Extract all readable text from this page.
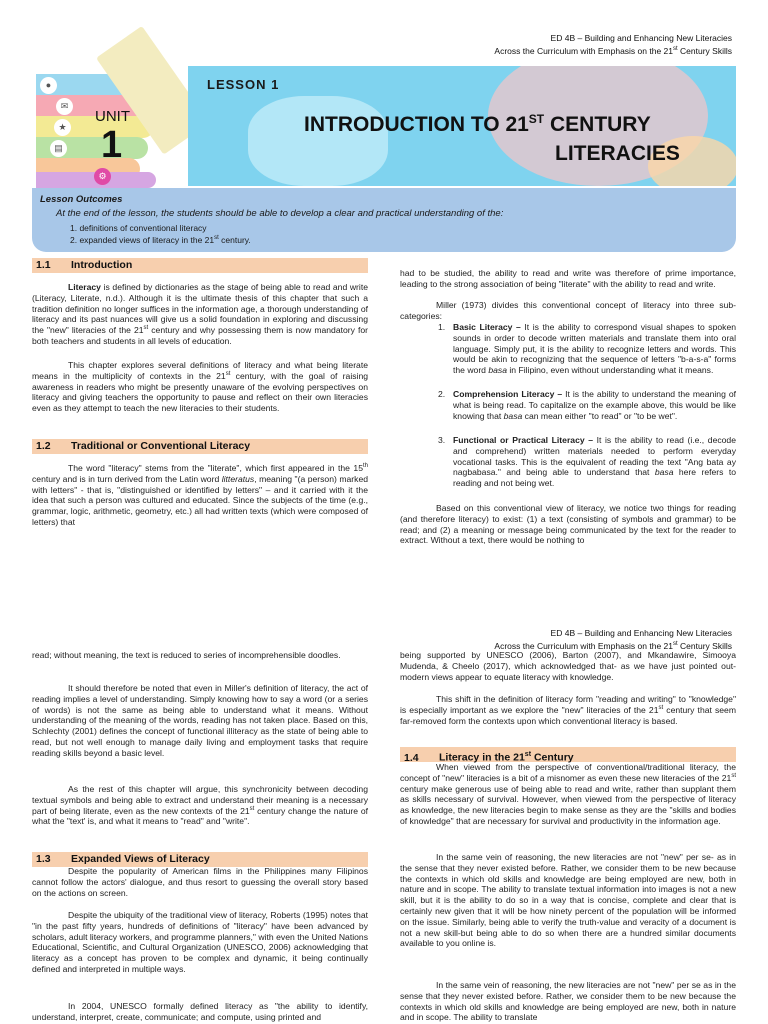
ED 4B – Building and Enhancing New Literacies
Across the Curriculum with Emphasis on the 21st Century Skills
●
✉
★
▤
⚙
UNIT
1
LESSON 1
INTRODUCTION TO 21ST CENTURY
LITERACIES
Lesson Outcomes
At the end of the lesson, the students should be able to develop a clear and practical understanding of the:
1. definitions of conventional literacy
2. expanded views of literacy in the 21st century.
1.1 Introduction
Literacy is defined by dictionaries as the stage of being able to read and write (Literacy, Literate, n.d.). Although it is the ultimate thesis of this chapter that such a tradition definition no longer suffices in the information age, a thorough understanding of literacy and its past nuances will give us a solid foundation in exploring and discussing the "new" literacies of the 21st century and why possessing them is now mandatory for both teachers and students in all levels of education.
This chapter explores several definitions of literacy and what being literate means in the multiplicity of contexts in the 21st century, with the goal of raising awareness in readers who might be presently unaware of the evolving perspectives on literacy and giving teachers the opportunity to pause and reflect on their own literacies even as they attempt to teach the new literacies to their students.
1.2 Traditional or Conventional Literacy
The word "literacy" stems from the "literate", which first appeared in the 15th century and is in turn derived from the Latin word litteratus, meaning "(a person) marked with letters" - that is, "distinguished or identified by letters" – and it carried with it the idea that such a person was cultured and educated. Since the subjects of the time (e.g., grammar, logic, arithmetic, geometry, etc.) all had written texts (which were composed of letters) that
had to be studied, the ability to read and write was therefore of prime importance, leading to the strong association of being "literate" with the ability to read and write.
Miller (1973) divides this conventional concept of literacy into three sub-categories:
1. Basic Literacy – It is the ability to correspond visual shapes to spoken sounds in order to decode written materials and translate them into oral language. Simply put, it is the ability to recognize letters and words. This would be akin to recognizing that the sequence of letters "b-a-s-a" forms the word basa in Filipino, even without understanding what it means.
2. Comprehension Literacy – It is the ability to understand the meaning of what is being read. To capitalize on the example above, this would be like knowing that basa can mean either "to read" or "to be wet".
3. Functional or Practical Literacy – It is the ability to read (i.e., decode and comprehend) written materials needed to perform everyday vocational tasks. This is the equivalent of reading the text "Ang bata ay nagbabasa." and being able to understand that basa here refers to reading and not being wet.
Based on this conventional view of literacy, we notice two things for reading (and therefore literacy) to exist: (1) a text (consisting of symbols and grammar) to be read; and (2) a meaning or message being communicated by the text for the reader to extract. Without a text, there would be nothing to
ED 4B – Building and Enhancing New Literacies
Across the Curriculum with Emphasis on the 21st Century Skills
read; without meaning, the text is reduced to series of incomprehensible doodles.
It should therefore be noted that even in Miller's definition of literacy, the act of reading implies a level of understanding. Simply knowing how to say a word (or a series of words) is not the same as being able to understand what it means. Without understanding of the meaning of the words, reading has not taken place. Based on this, Schlechty (2001) defines the concept of functional illiteracy as the state of being able to read, but not well enough to manage daily living and employment tasks that require reading skills beyond a basic level.
As the rest of this chapter will argue, this synchronicity between decoding textual symbols and being able to extract and understand their meaning is a necessary part of being literate, even as the new contexts of the 21st century change the nature of what the "text' is, and what it means to "read" and "write".
1.3 Expanded Views of Literacy
Despite the popularity of American films in the Philippines many Filipinos cannot follow the actors' dialogue, and thus resort to guessing the overall story based on the actions on screen.
Despite the ubiquity of the traditional view of literacy, Roberts (1995) notes that "in the past fifty years, hundreds of definitions of "literacy" have been advanced by scholars, adult literacy workers, and programme planners," with even the United Nations Educational, Scientific, and Cultural Organization (UNESCO, 2006) acknowledging that literacy as a concept has proven to be complex and dynamic, it being continually defined and interpreted in multiple ways.
In 2004, UNESCO formally defined literacy as "the ability to identify, understand, interpret, create, communicate; and compute, using printed and
being supported by UNESCO (2006), Barton (2007), and Mkandawire, Simooya Mudenda, & Cheelo (2017), which acknowledged that- as we have just pointed out-modern views appear to equate literacy with knowledge.
This shift in the definition of literacy form "reading and writing" to "knowledge" is especially important as we explore the "new" literacies of the 21st century that seem far-removed form the contexts upon which conventional literacy is based.
1.4 Literacy in the 21st Century
When viewed from the perspective of conventional/traditional literacy, the concept of "new" literacies is a bit of a misnomer as even these new literacies of the 21st century make generous use of being able to read and write, rather than supplant them as skills necessary of survival. However, when viewed from the perspective of literacy as knowledge, the new literacies begin to make sense as they are the "skills and bodies of knowledge" that are necessary for survival and productivity in the information age.
In the same vein of reasoning, the new literacies are not "new" per se- as in the sense that they never existed before. Rather, we consider them to be new because the contexts in which old skills and knowledge are being employed are new, both in nature and in scope. The ability to translate textual information into images is not a new skill, but it is the ability to do so in a way that is concise, complete and clear that is certainly new given that it will be how ninety percent of the population will be informed on the issue. Similarly, being able to verify the truth-value and veracity of a document is not a new skill-but being able to do so when there are a hundred similar documents available to you online is.
In the same vein of reasoning, the new literacies are not "new" per se as in the sense that they never existed before. Rather, we consider them to be new because the contexts in which old skills and knowledge are being employed are new, both in nature and in scope. The ability to translate
